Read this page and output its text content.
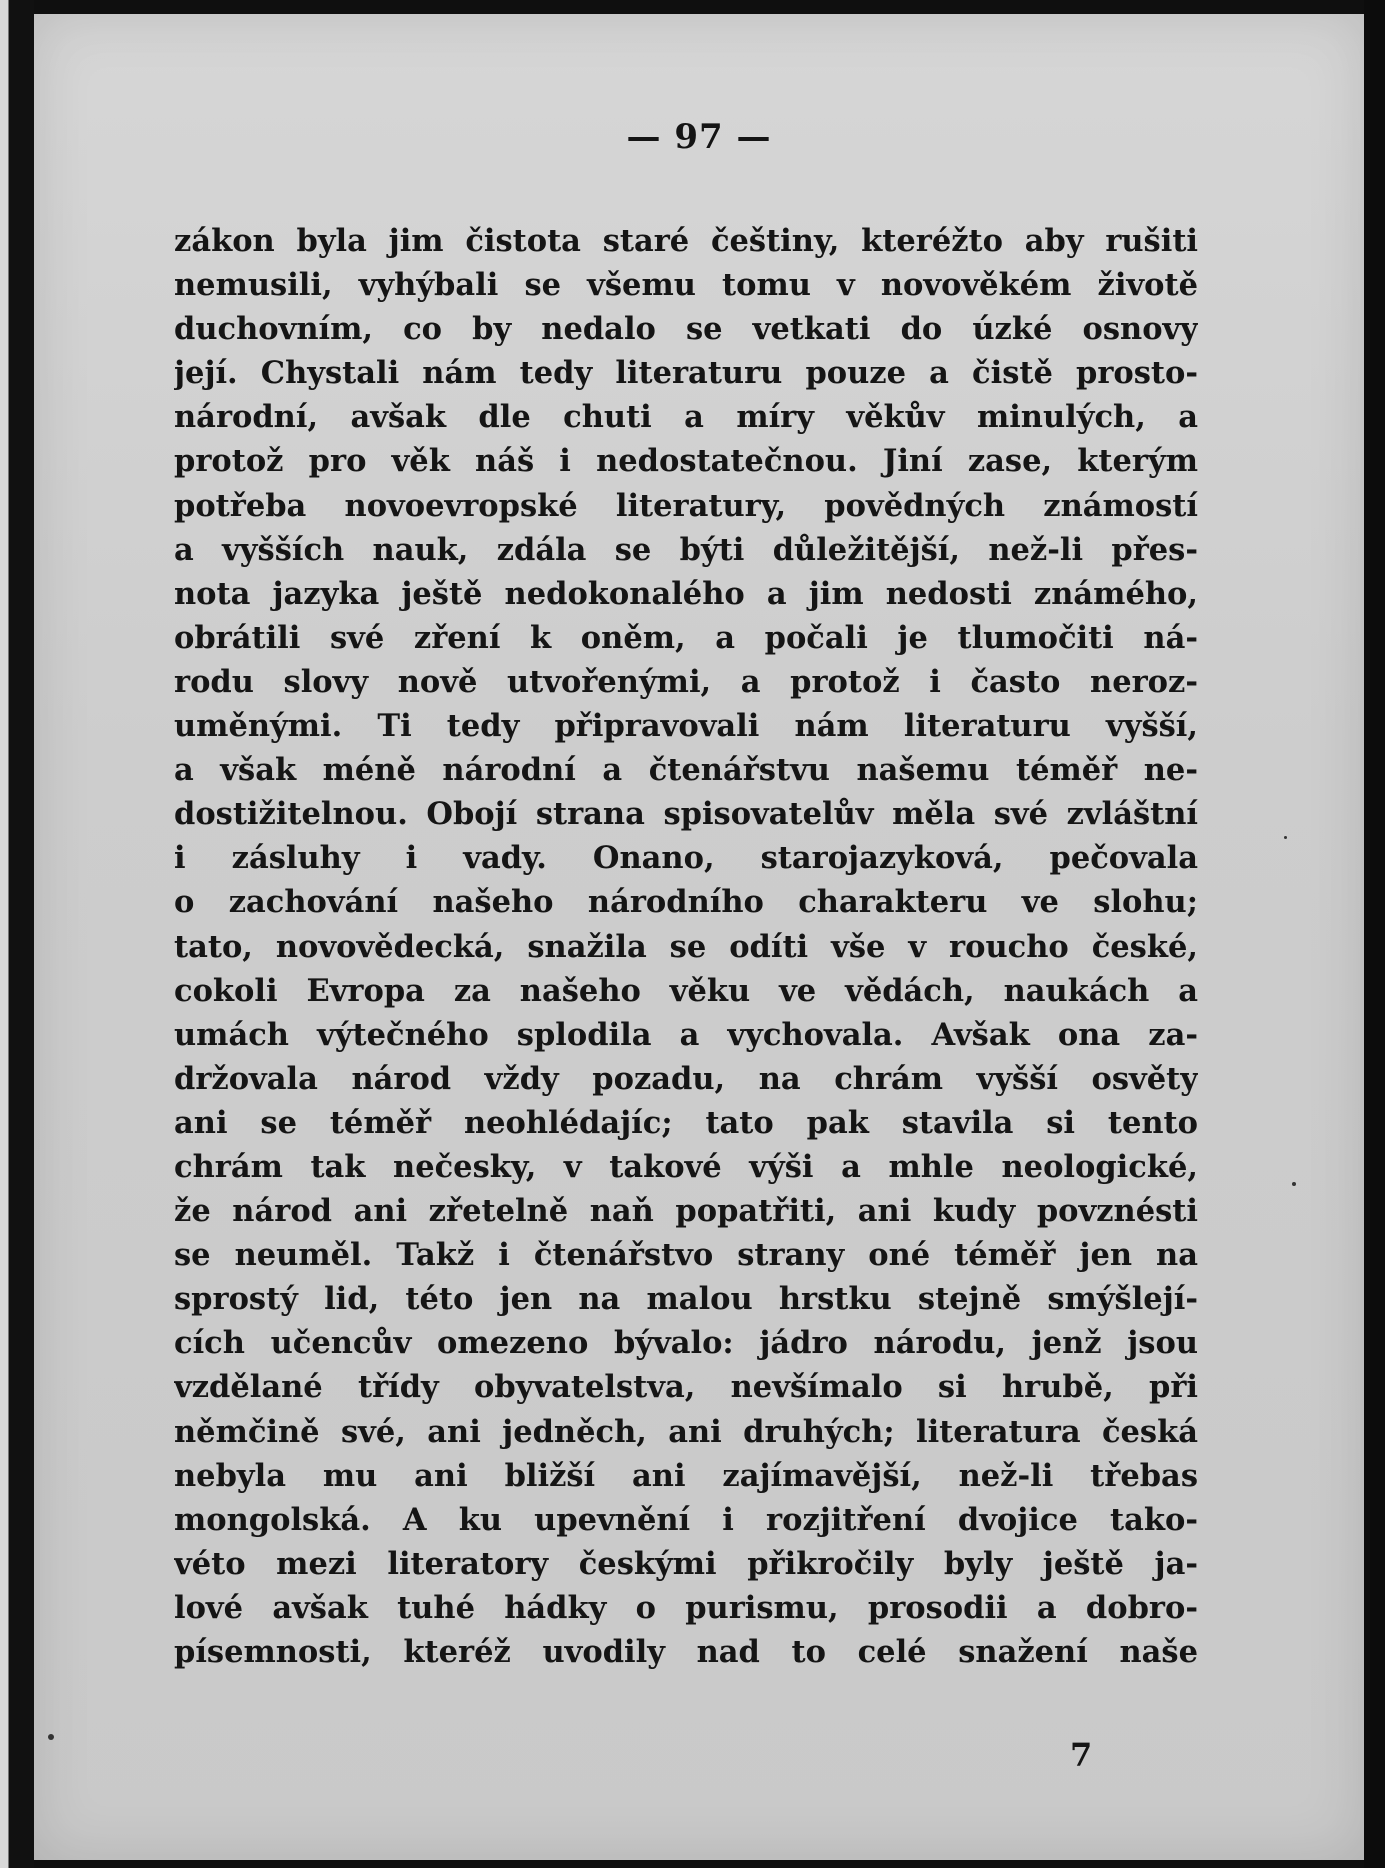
— 97 —
zákon byla jim čistota staré češtiny, kteréžto aby rušiti
nemusili, vyhýbali se všemu tomu v novověkém životě
duchovním, co by nedalo se vetkati do úzké osnovy
její. Chystali nám tedy literaturu pouze a čistě prosto-
národní, avšak dle chuti a míry věkův minulých, a
protož pro věk náš i nedostatečnou. Jiní zase, kterým
potřeba novoevropské literatury, povědných známostí
a vyšších nauk, zdála se býti důležitější, než-li přes-
nota jazyka ještě nedokonalého a jim nedosti známého,
obrátili své zření k oněm, a počali je tlumočiti ná-
rodu slovy nově utvořenými, a protož i často neroz-
uměnými. Ti tedy připravovali nám literaturu vyšší,
a však méně národní a čtenářstvu našemu téměř ne-
dostižitelnou. Obojí strana spisovatelův měla své zvláštní
i zásluhy i vady. Onano, starojazyková, pečovala
o zachování našeho národního charakteru ve slohu;
tato, novovědecká, snažila se odíti vše v roucho české,
cokoli Evropa za našeho věku ve vědách, naukách a
umách výtečného splodila a vychovala. Avšak ona za-
držovala národ vždy pozadu, na chrám vyšší osvěty
ani se téměř neohlédajíc; tato pak stavila si tento
chrám tak nečesky, v takové výši a mhle neologické,
že národ ani zřetelně naň popatřiti, ani kudy povznésti
se neuměl. Takž i čtenářstvo strany oné téměř jen na
sprostý lid, této jen na malou hrstku stejně smýšlejí-
cích učencův omezeno bývalo: jádro národu, jenž jsou
vzdělané třídy obyvatelstva, nevšímalo si hrubě, při
němčině své, ani jedněch, ani druhých; literatura česká
nebyla mu ani bližší ani zajímavější, než-li třebas
mongolská. A ku upevnění i rozjitření dvojice tako-
véto mezi literatory českými přikročily byly ještě ja-
lové avšak tuhé hádky o purismu, prosodii a dobro-
písemnosti, kteréž uvodily nad to celé snažení naše
7
